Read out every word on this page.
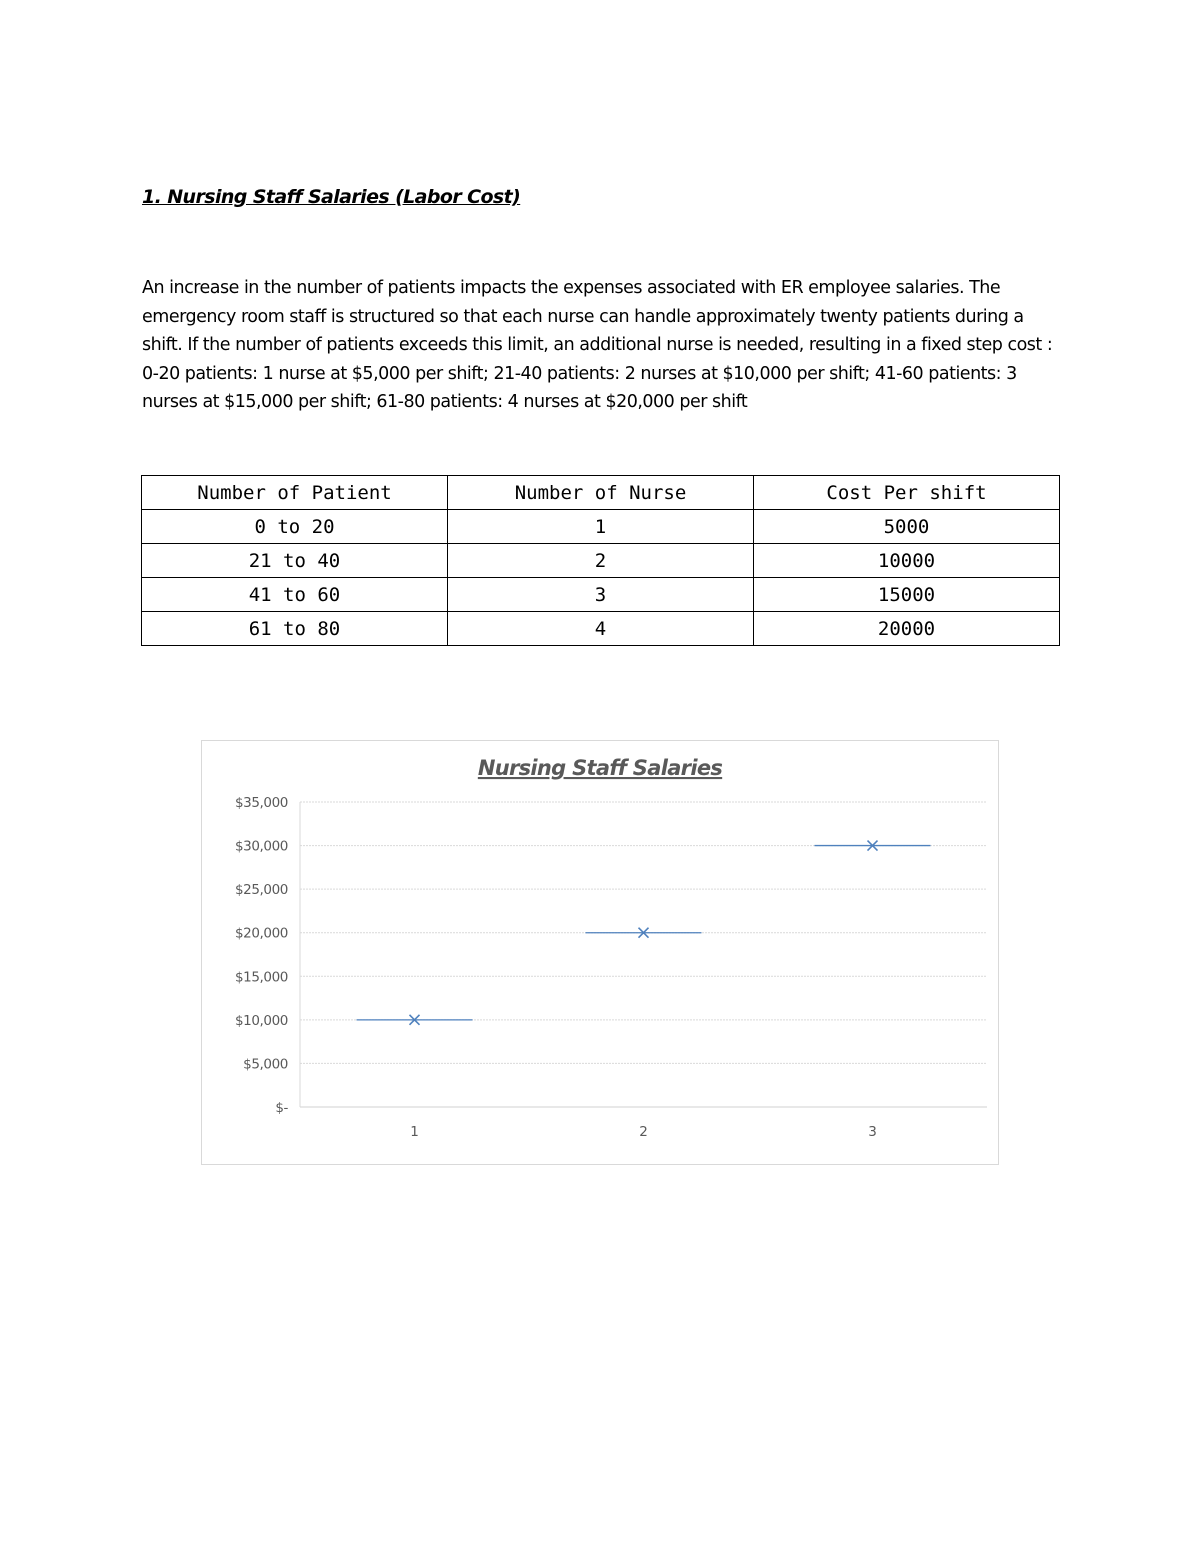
1. Nursing Staff Salaries (Labor Cost)
An increase in the number of patients impacts the expenses associated with ER employee salaries. The emergency room staff is structured so that each nurse can handle approximately twenty patients during a shift. If the number of patients exceeds this limit, an additional nurse is needed, resulting in a fixed step cost : 0-20 patients: 1 nurse at $5,000 per shift; 21-40 patients: 2 nurses at $10,000 per shift; 41-60 patients: 3 nurses at $15,000 per shift; 61-80 patients: 4 nurses at $20,000 per shift
Number of Patient	Number of Nurse	Cost Per shift
0 to 20	1	5000
21 to 40	2	10000
41 to 60	3	15000
61 to 80	4	20000
Nursing Staff Salaries
$-
$5,000
$10,000
$15,000
$20,000
$25,000
$30,000
$35,000
1	2	3
